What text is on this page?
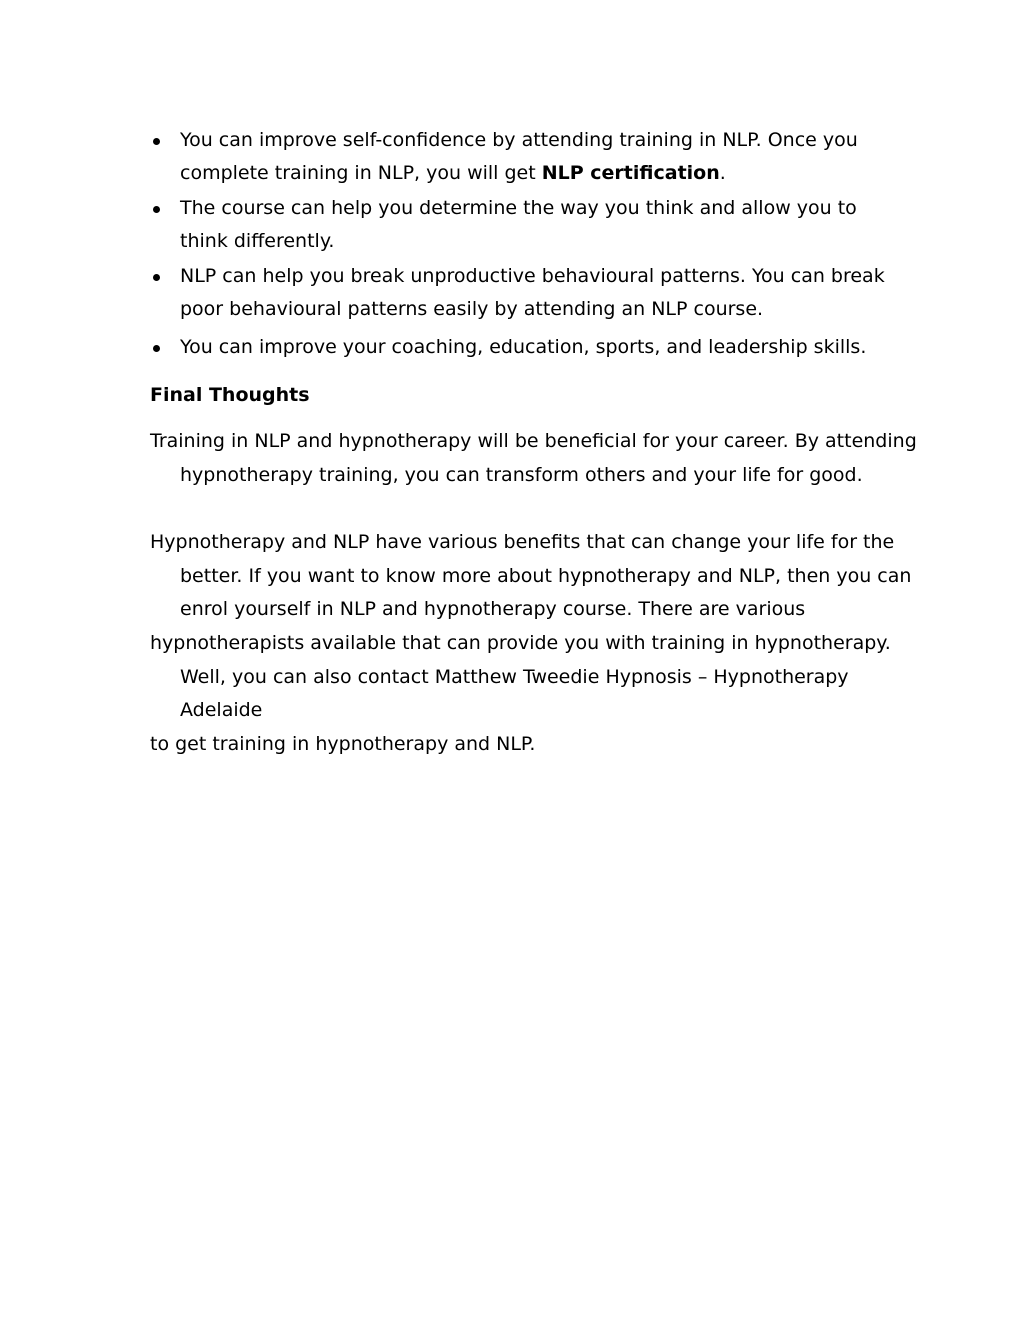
You can improve self-confidence by attending training in NLP. Once you complete training in NLP, you will get NLP certification.
The course can help you determine the way you think and allow you to think differently.
NLP can help you break unproductive behavioural patterns. You can break poor behavioural patterns easily by attending an NLP course.
You can improve your coaching, education, sports, and leadership skills.
Final Thoughts

Training in NLP and hypnotherapy will be beneficial for your career. By attending hypnotherapy training, you can transform others and your life for good.

Hypnotherapy and NLP have various benefits that can change your life for the better. If you want to know more about hypnotherapy and NLP, then you can enrol yourself in NLP and hypnotherapy course. There are various

hypnotherapists available that can provide you with training in hypnotherapy. Well, you can also contact Matthew Tweedie Hypnosis – Hypnotherapy Adelaide

to get training in hypnotherapy and NLP.
